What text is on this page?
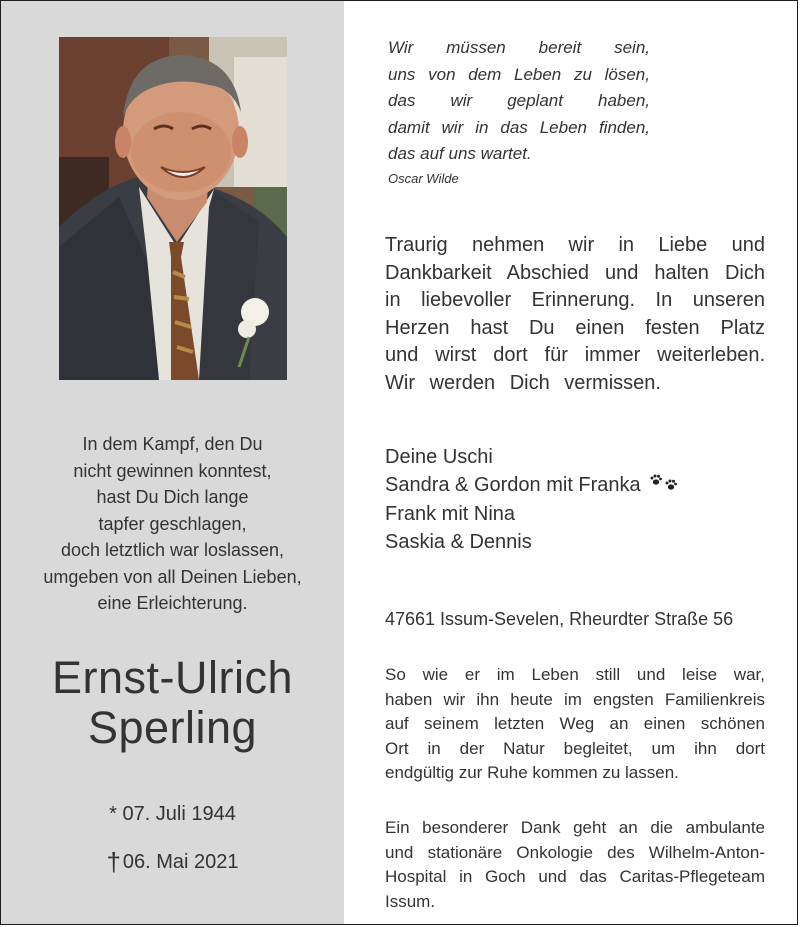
In dem Kampf, den Du
nicht gewinnen konntest,
hast Du Dich lange
tapfer geschlagen,
doch letztlich war loslassen,
umgeben von all Deinen Lieben,
eine Erleichterung.
Ernst-Ulrich
Sperling
* 07. Juli 1944
† 06. Mai 2021
Wir müssen bereit sein,
uns von dem Leben zu lösen,
das wir geplant haben,
damit wir in das Leben finden,
das auf uns wartet.
Oscar Wilde
Traurig nehmen wir in Liebe und
Dankbarkeit Abschied und halten Dich
in liebevoller Erinnerung. In unseren
Herzen hast Du einen festen Platz
und wirst dort für immer weiterleben.
Wir werden Dich vermissen.
Deine Uschi
Sandra & Gordon mit Franka
Frank mit Nina
Saskia & Dennis
47661 Issum-Sevelen, Rheurdter Straße 56
So wie er im Leben still und leise war,
haben wir ihn heute im engsten Familienkreis
auf seinem letzten Weg an einen schönen
Ort in der Natur begleitet, um ihn dort
endgültig zur Ruhe kommen zu lassen.
Ein besonderer Dank geht an die ambulante
und stationäre Onkologie des Wilhelm-Anton-
Hospital in Goch und das Caritas-Pflegeteam
Issum.
